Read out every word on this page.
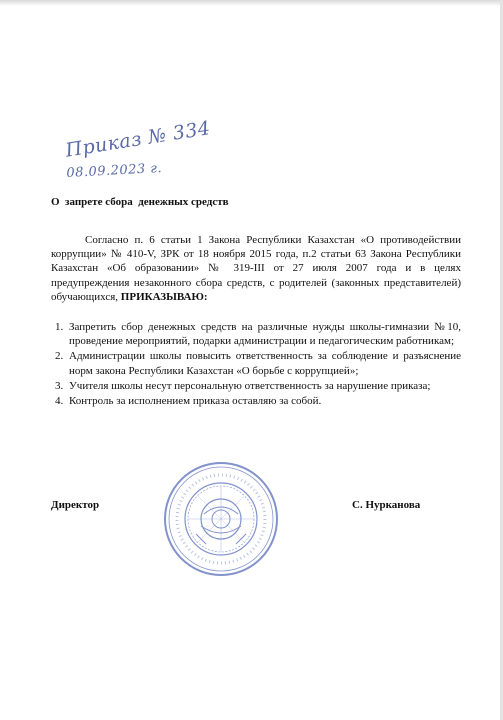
Приказ № 334
08.09.2023 г.
О  запрете сбора  денежных средств

Согласно п. 6 статьи 1 Закона Республики Казахстан «О противодействии коррупции» № 410-V, ЗРК от 18 ноября 2015 года, п.2 статьи 63 Закона Республики Казахстан «Об образовании» № 319-III от 27 июля 2007 года и в целях предупреждения незаконного сбора средств, с родителей (законных представителей) обучающихся, ПРИКАЗЫВАЮ:

1. Запретить сбор денежных средств на различные нужды школы-гимназии №10, проведение мероприятий, подарки администрации и педагогическим работникам;
2. Администрации школы повысить ответственность за соблюдение и разъяснение норм закона Республики Казахстан «О борьбе с коррупцией»;
3. Учителя школы несут персональную ответственность за нарушение приказа;
4. Контроль за исполнением приказа оставляю за собой.
Директор	С. Нурканова
